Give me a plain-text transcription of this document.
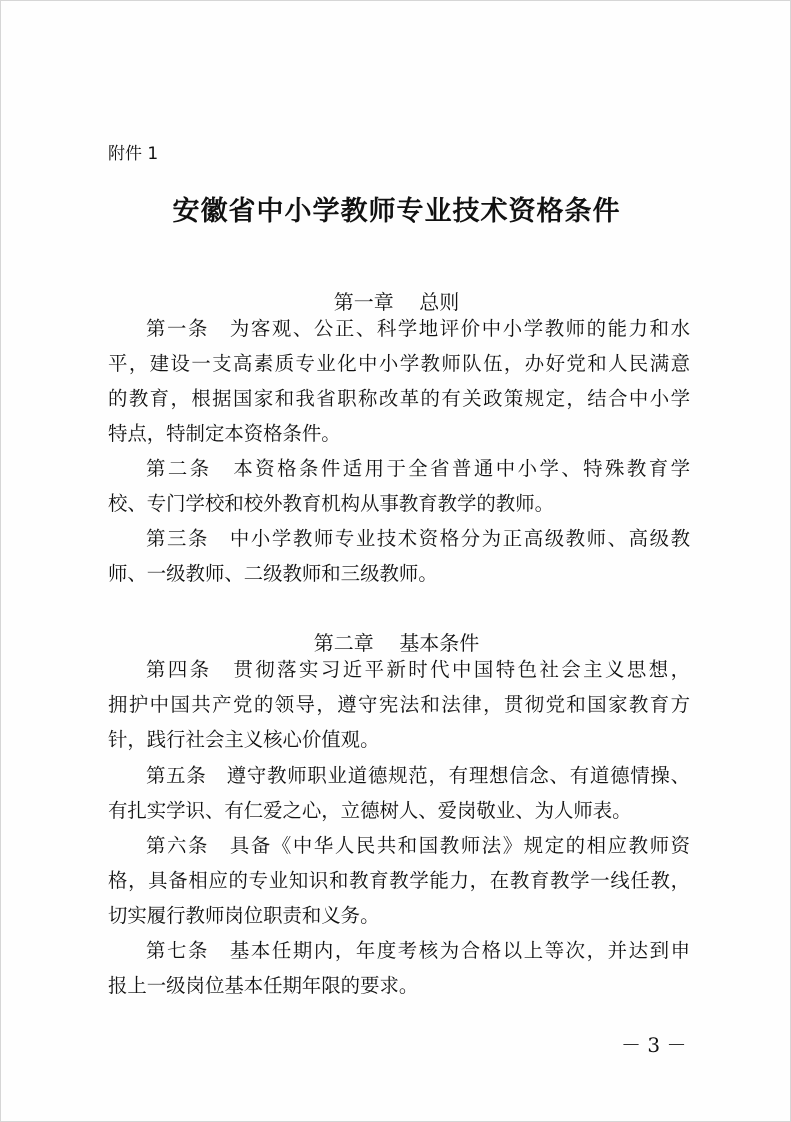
附件 1
安徽省中小学教师专业技术资格条件
第一章    总则
第一条　为客观、公正、科学地评价中小学教师的能力和水
平，建设一支高素质专业化中小学教师队伍，办好党和人民满意
的教育，根据国家和我省职称改革的有关政策规定，结合中小学
特点，特制定本资格条件。
第二条　本资格条件适用于全省普通中小学、特殊教育学
校、专门学校和校外教育机构从事教育教学的教师。
第三条　中小学教师专业技术资格分为正高级教师、高级教
师、一级教师、二级教师和三级教师。
第二章    基本条件
第四条　贯彻落实习近平新时代中国特色社会主义思想，
拥护中国共产党的领导，遵守宪法和法律，贯彻党和国家教育方
针，践行社会主义核心价值观。
第五条　遵守教师职业道德规范，有理想信念、有道德情操、
有扎实学识、有仁爱之心，立德树人、爱岗敬业、为人师表。
第六条　具备《中华人民共和国教师法》规定的相应教师资
格，具备相应的专业知识和教育教学能力，在教育教学一线任教，
切实履行教师岗位职责和义务。
第七条　基本任期内，年度考核为合格以上等次，并达到申
报上一级岗位基本任期年限的要求。
－ 3 －
